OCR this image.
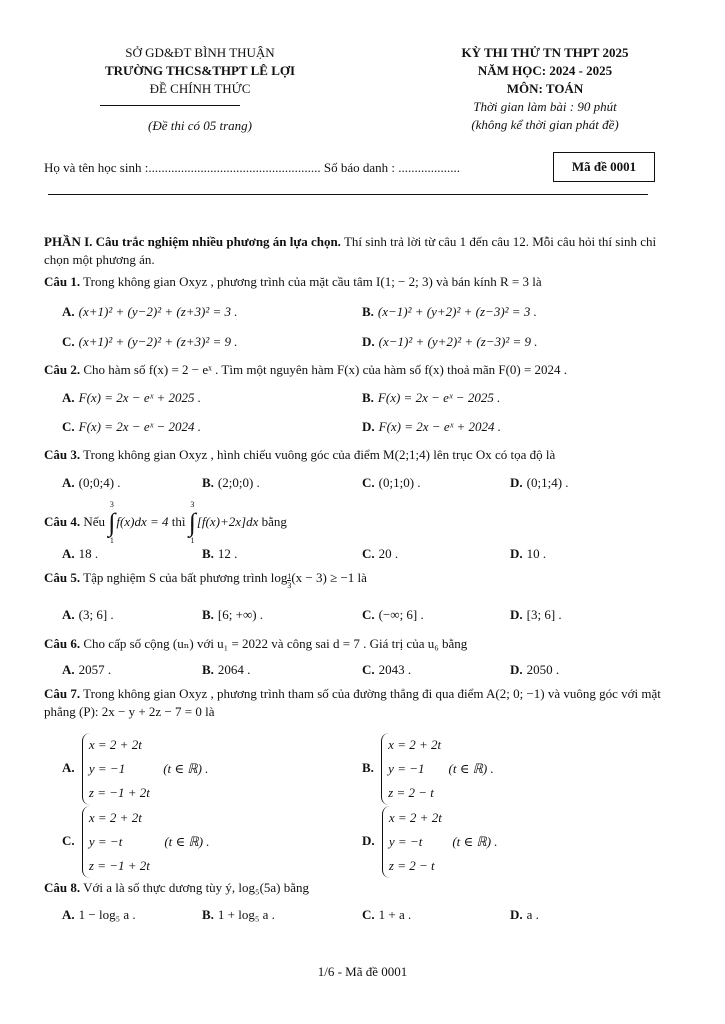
SỞ GD&ĐT BÌNH THUẬN
TRƯỜNG THCS&THPT LÊ LỢI
ĐỀ CHÍNH THỨC
(Đề thi có 05 trang)
KỲ THI THỬ TN THPT 2025
NĂM HỌC: 2024 - 2025
MÔN: TOÁN
Thời gian làm bài : 90 phút
(không kể thời gian phát đề)
Họ và tên học sinh :..................................................... Số báo danh : ...................	Mã đề 0001
PHẦN I. Câu trắc nghiệm nhiều phương án lựa chọn. Thí sinh trả lời từ câu 1 đến câu 12. Mỗi câu hỏi thí sinh chỉ chọn một phương án.
Câu 1. Trong không gian Oxyz , phương trình của mặt cầu tâm I(1; − 2; 3) và bán kính R = 3 là
A. (x+1)² + (y−2)² + (z+3)² = 3 .	B. (x−1)² + (y+2)² + (z−3)² = 3 .
C. (x+1)² + (y−2)² + (z+3)² = 9 .	D. (x−1)² + (y+2)² + (z−3)² = 9 .
Câu 2. Cho hàm số f(x) = 2 − eˣ . Tìm một nguyên hàm F(x) của hàm số f(x) thoả mãn F(0) = 2024 .
A. F(x) = 2x − eˣ + 2025 .	B. F(x) = 2x − eˣ − 2025 .
C. F(x) = 2x − eˣ − 2024 .	D. F(x) = 2x − eˣ + 2024 .
Câu 3. Trong không gian Oxyz , hình chiếu vuông góc của điểm M(2;1;4) lên trục Ox có tọa độ là
A. (0;0;4) .	B. (2;0;0) .	C. (0;1;0) .	D. (0;1;4) .
Câu 4. Nếu 3
∫
1f(x)dx = 4 thì 3
∫
1[f(x)+2x]dx bằng
A. 18 .	B. 12 .	C. 20 .	D. 10 .
Câu 5. Tập nghiệm S của bất phương trình $\log\frac{1}{3}(x - 3) \ge -1$ là
A. (3; 6] .	B. [6; +∞) .	C. (−∞; 6] .	D. [3; 6] .
Câu 6. Cho cấp số cộng (uₙ) với u₁ = 2022 và công sai d = 7 . Giá trị của u₆ bằng
A. 2057 .	B. 2064 .	C. 2043 .	D. 2050 .
Câu 7. Trong không gian Oxyz , phương trình tham số của đường thẳng đi qua điểm A(2; 0; −1) và vuông góc với mặt phẳng (P): 2x − y + 2z − 7 = 0 là
A.
x = 2 + 2t
y = −1	(t ∈ ℝ) .
z = −1 + 2t
B.
x = 2 + 2t
y = −1 (t ∈ ℝ) .
z = 2 − t
C.
x = 2 + 2t
y = −t	(t ∈ ℝ) .
z = −1 + 2t
D.
x = 2 + 2t
y = −t (t ∈ ℝ) .
z = 2 − t
Câu 8. Với a là số thực dương tùy ý, log₅(5a) bằng
A. 1 − log₅ a .	B. 1 + log₅ a .	C. 1 + a .	D. a .
1/6 - Mã đề 0001
